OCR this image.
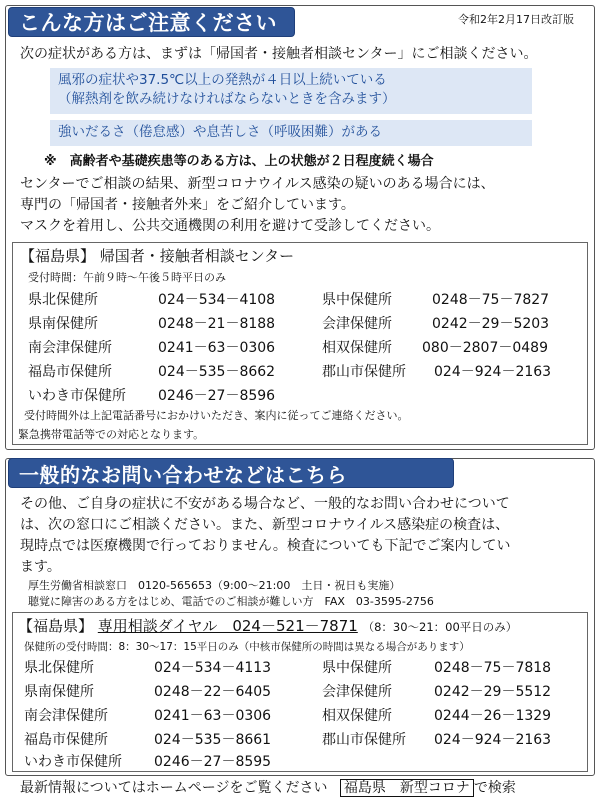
こんな方はご注意ください	令和2年2月17日改訂版
次の症状がある方は、まずは「帰国者・接触者相談センター」にご相談ください。
風邪の症状や37.5℃以上の発熱が４日以上続いている
（解熱剤を飲み続けなければならないときを含みます）
強いだるさ（倦怠感）や息苦しさ（呼吸困難）がある
※　高齢者や基礎疾患等のある方は、上の状態が２日程度続く場合
センターでご相談の結果、新型コロナウイルス感染の疑いのある場合には、
専門の「帰国者・接触者外来」をご紹介しています。
マスクを着用し、公共交通機関の利用を避けて受診してください。
【福島県】 帰国者・接触者相談センター
受付時間：午前９時～午後５時平日のみ
県北保健所	024－534－4108	県中保健所	0248－75－7827
県南保健所	0248－21－8188	会津保健所	0242－29－5203
南会津保健所	0241－63－0306	相双保健所 080－2807－0489
福島市保健所	024－535－8662	郡山市保健所 024－924－2163
いわき市保健所 0246－27－8596
受付時間外は上記電話番号におかけいただき、案内に従ってご連絡ください。
緊急携帯電話等での対応となります。
一般的なお問い合わせなどはこちら
その他、ご自身の症状に不安がある場合など、一般的なお問い合わせについて
は、次の窓口にご相談ください。また、新型コロナウイルス感染症の検査は、
現時点では医療機関で行っておりません。検査についても下記でご案内してい
ます。
厚生労働省相談窓口　0120-565653（9:00～21:00　土日・祝日も実施）
聴覚に障害のある方をはじめ、電話でのご相談が難しい方　FAX　03-3595-2756
【福島県】 専用相談ダイヤル　024－521－7871 （8：30～21：00平日のみ）
保健所の受付時間：8：30～17：15平日のみ（中核市保健所の時間は異なる場合があります）
県北保健所	024－534－4113	県中保健所	0248－75－7818
県南保健所	0248－22－6405	会津保健所	0242－29－5512
南会津保健所	0241－63－0306	相双保健所	0244－26－1329
福島市保健所	024－535－8661	郡山市保健所 024－924－2163
いわき市保健所 0246－27－8595
最新情報についてはホームページをご覧ください 福島県　新型コロナ で検索
